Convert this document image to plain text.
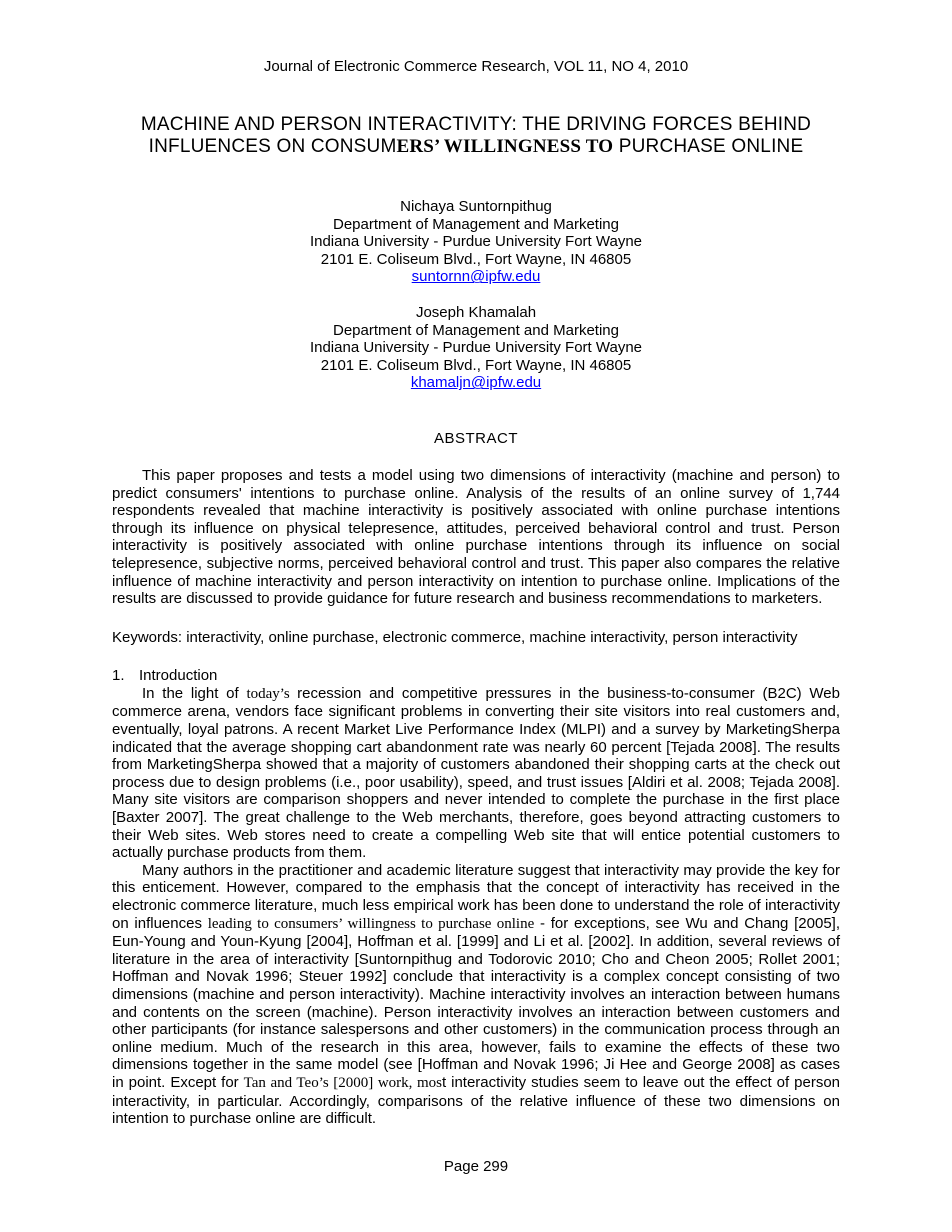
Journal of Electronic Commerce Research, VOL 11, NO 4, 2010
MACHINE AND PERSON INTERACTIVITY: THE DRIVING FORCES BEHIND
INFLUENCES ON CONSUMERS’ WILLINGNESS TO PURCHASE ONLINE
Nichaya Suntornpithug
Department of Management and Marketing
Indiana University - Purdue University Fort Wayne
2101 E. Coliseum Blvd., Fort Wayne, IN 46805
suntornn@ipfw.edu
Joseph Khamalah
Department of Management and Marketing
Indiana University - Purdue University Fort Wayne
2101 E. Coliseum Blvd., Fort Wayne, IN 46805
khamaljn@ipfw.edu
ABSTRACT

This paper proposes and tests a model using two dimensions of interactivity (machine and person) to predict consumers' intentions to purchase online. Analysis of the results of an online survey of 1,744 respondents revealed that machine interactivity is positively associated with online purchase intentions through its influence on physical telepresence, attitudes, perceived behavioral control and trust. Person interactivity is positively associated with online purchase intentions through its influence on social telepresence, subjective norms, perceived behavioral control and trust. This paper also compares the relative influence of machine interactivity and person interactivity on intention to purchase online. Implications of the results are discussed to provide guidance for future research and business recommendations to marketers.

Keywords: interactivity, online purchase, electronic commerce, machine interactivity, person interactivity

1. Introduction

In the light of today’s recession and competitive pressures in the business-to-consumer (B2C) Web commerce arena, vendors face significant problems in converting their site visitors into real customers and, eventually, loyal patrons. A recent Market Live Performance Index (MLPI) and a survey by MarketingSherpa indicated that the average shopping cart abandonment rate was nearly 60 percent [Tejada 2008]. The results from MarketingSherpa showed that a majority of customers abandoned their shopping carts at the check out process due to design problems (i.e., poor usability), speed, and trust issues [Aldiri et al. 2008; Tejada 2008]. Many site visitors are comparison shoppers and never intended to complete the purchase in the first place [Baxter 2007]. The great challenge to the Web merchants, therefore, goes beyond attracting customers to their Web sites. Web stores need to create a compelling Web site that will entice potential customers to actually purchase products from them.

Many authors in the practitioner and academic literature suggest that interactivity may provide the key for this enticement. However, compared to the emphasis that the concept of interactivity has received in the electronic commerce literature, much less empirical work has been done to understand the role of interactivity on influences leading to consumers’ willingness to purchase online - for exceptions, see Wu and Chang [2005], Eun-Young and Youn-Kyung [2004], Hoffman et al. [1999] and Li et al. [2002]. In addition, several reviews of literature in the area of interactivity [Suntornpithug and Todorovic 2010; Cho and Cheon 2005; Rollet 2001; Hoffman and Novak 1996; Steuer 1992] conclude that interactivity is a complex concept consisting of two dimensions (machine and person interactivity). Machine interactivity involves an interaction between humans and contents on the screen (machine). Person interactivity involves an interaction between customers and other participants (for instance salespersons and other customers) in the communication process through an online medium. Much of the research in this area, however, fails to examine the effects of these two dimensions together in the same model (see [Hoffman and Novak 1996; Ji Hee and George 2008] as cases in point. Except for Tan and Teo’s [2000] work, most interactivity studies seem to leave out the effect of person interactivity, in particular. Accordingly, comparisons of the relative influence of these two dimensions on intention to purchase online are difficult.

Page 299
